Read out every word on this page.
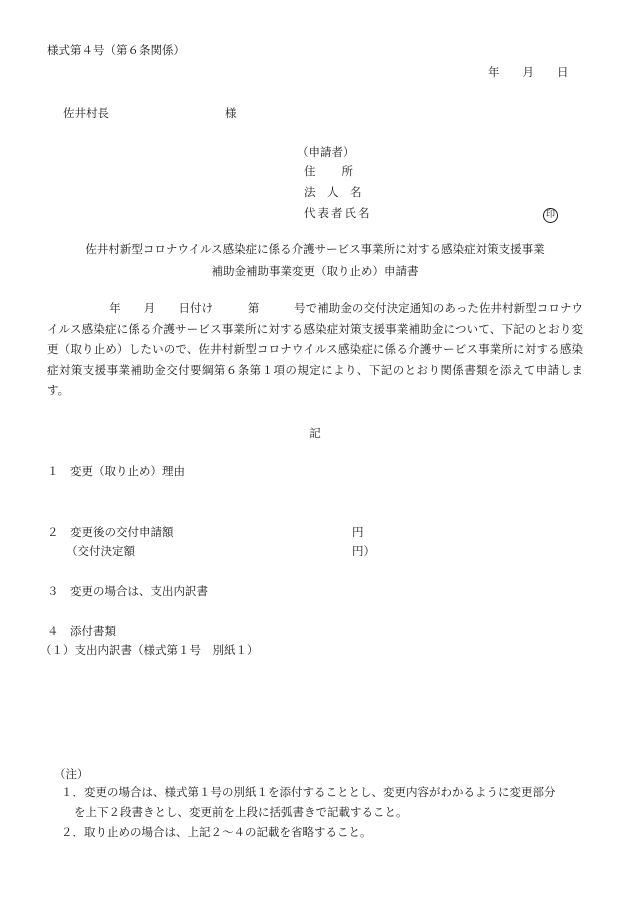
様式第４号（第６条関係）
年　　月　　日
佐井村長	様
（申請者）
住　　所
法　人　名
代表者氏名	印
佐井村新型コロナウイルス感染症に係る介護サービス事業所に対する感染症対策支援事業
補助金補助事業変更（取り止め）申請書
年　　月　　日付け　　　第　　　号で補助金の交付決定通知のあった佐井村新型コロナウイルス感染症に係る介護サービス事業所に対する感染症対策支援事業補助金について、下記のとおり変更（取り止め）したいので、佐井村新型コロナウイルス感染症に係る介護サービス事業所に対する感染症対策支援事業補助金交付要綱第６条第１項の規定により、下記のとおり関係書類を添えて申請します。
記
１　変更（取り止め）理由
２　変更後の交付申請額	円
（交付決定額	円）
３　変更の場合は、支出内訳書
４　添付書類
（１）支出内訳書（様式第１号　別紙１）
（注）
１．変更の場合は、様式第１号の別紙１を添付することとし、変更内容がわかるように変更部分
を上下２段書きとし、変更前を上段に括弧書きで記載すること。
２．取り止めの場合は、上記２～４の記載を省略すること。
